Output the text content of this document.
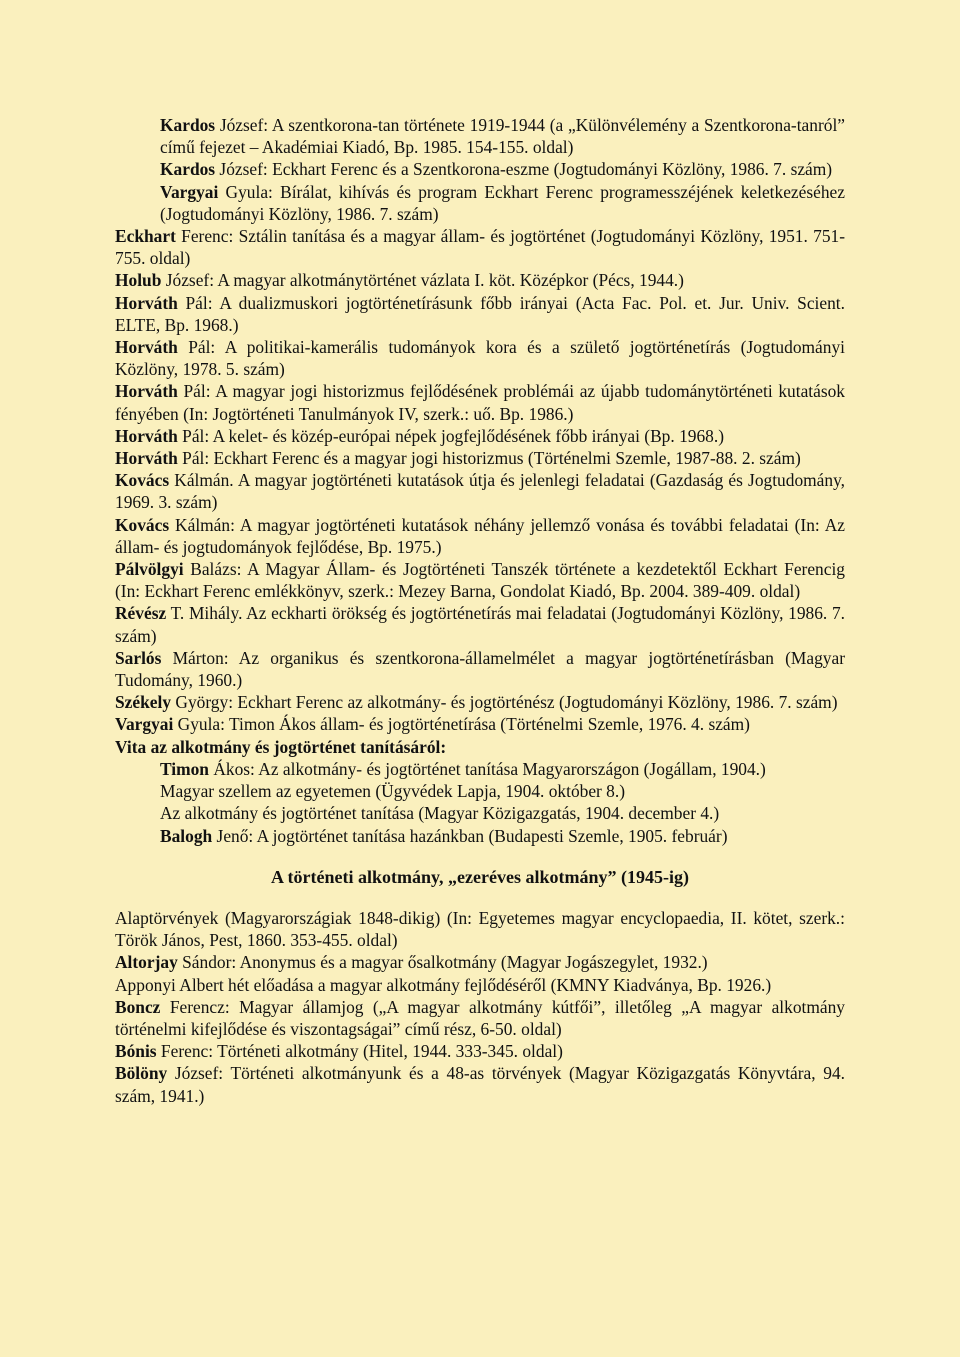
Kardos József: A szentkorona-tan története 1919-1944 (a „Különvélemény a Szentkorona-tanról” című fejezet – Akadémiai Kiadó, Bp. 1985. 154-155. oldal)
Kardos József: Eckhart Ferenc és a Szentkorona-eszme (Jogtudományi Közlöny, 1986. 7. szám)
Vargyai Gyula: Bírálat, kihívás és program Eckhart Ferenc programesszéjének keletkezéséhez (Jogtudományi Közlöny, 1986. 7. szám)
Eckhart Ferenc: Sztálin tanítása és a magyar állam- és jogtörténet (Jogtudományi Közlöny, 1951. 751-755. oldal)
Holub József: A magyar alkotmánytörténet vázlata I. köt. Középkor (Pécs, 1944.)
Horváth Pál: A dualizmuskori jogtörténetírásunk főbb irányai (Acta Fac. Pol. et. Jur. Univ. Scient. ELTE, Bp. 1968.)
Horváth Pál: A politikai-kamerális tudományok kora és a születő jogtörténetírás (Jogtudományi Közlöny, 1978. 5. szám)
Horváth Pál: A magyar jogi historizmus fejlődésének problémái az újabb tudománytörténeti kutatások fényében (In: Jogtörténeti Tanulmányok IV, szerk.: uő. Bp. 1986.)
Horváth Pál: A kelet- és közép-európai népek jogfejlődésének főbb irányai (Bp. 1968.)
Horváth Pál: Eckhart Ferenc és a magyar jogi historizmus (Történelmi Szemle, 1987-88. 2. szám)
Kovács Kálmán. A magyar jogtörténeti kutatások útja és jelenlegi feladatai (Gazdaság és Jogtudomány, 1969. 3. szám)
Kovács Kálmán: A magyar jogtörténeti kutatások néhány jellemző vonása és további feladatai (In: Az állam- és jogtudományok fejlődése, Bp. 1975.)
Pálvölgyi Balázs: A Magyar Állam- és Jogtörténeti Tanszék története a kezdetektől Eckhart Ferencig (In: Eckhart Ferenc emlékkönyv, szerk.: Mezey Barna, Gondolat Kiadó, Bp. 2004. 389-409. oldal)
Révész T. Mihály. Az eckharti örökség és jogtörténetírás mai feladatai (Jogtudományi Közlöny, 1986. 7. szám)
Sarlós Márton: Az organikus és szentkorona-államelmélet a magyar jogtörténetírásban (Magyar Tudomány, 1960.)
Székely György: Eckhart Ferenc az alkotmány- és jogtörténész (Jogtudományi Közlöny, 1986. 7. szám)
Vargyai Gyula: Timon Ákos állam- és jogtörténetírása (Történelmi Szemle, 1976. 4. szám)
Vita az alkotmány és jogtörténet tanításáról:
Timon Ákos: Az alkotmány- és jogtörténet tanítása Magyarországon (Jogállam, 1904.)
Magyar szellem az egyetemen (Ügyvédek Lapja, 1904. október 8.)
Az alkotmány és jogtörténet tanítása (Magyar Közigazgatás, 1904. december 4.)
Balogh Jenő: A jogtörténet tanítása hazánkban (Budapesti Szemle, 1905. február)
A történeti alkotmány, „ezeréves alkotmány” (1945-ig)
Alaptörvények (Magyarországiak 1848-dikig) (In: Egyetemes magyar encyclopaedia, II. kötet, szerk.: Török János, Pest, 1860. 353-455. oldal)
Altorjay Sándor: Anonymus és a magyar ősalkotmány (Magyar Jogászegylet, 1932.)
Apponyi Albert hét előadása a magyar alkotmány fejlődéséről (KMNY Kiadványa, Bp. 1926.)
Boncz Ferencz: Magyar államjog („A magyar alkotmány kútfői”, illetőleg „A magyar alkotmány történelmi kifejlődése és viszontagságai” című rész, 6-50. oldal)
Bónis Ferenc: Történeti alkotmány (Hitel, 1944. 333-345. oldal)
Bölöny József: Történeti alkotmányunk és a 48-as törvények (Magyar Közigazgatás Könyvtára, 94. szám, 1941.)
